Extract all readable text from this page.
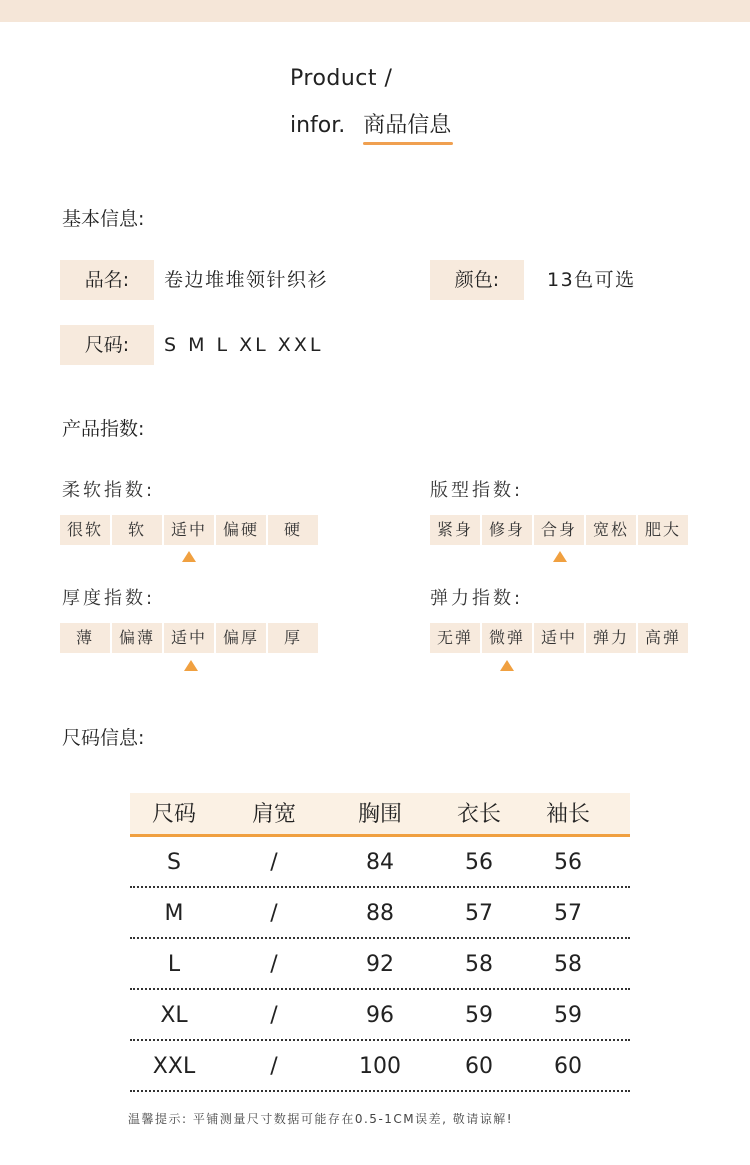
Product /
infor. 商品信息
基本信息:
品名:	卷边堆堆领针织衫	颜色:	13色可选
尺码:	S M L XL XXL
产品指数:
柔软指数:
很软	软	适中 偏硬	硬
版型指数:
紧身 修身 合身 宽松 肥大
厚度指数:
薄	偏薄 适中 偏厚	厚
弹力指数:
无弹 微弹 适中 弹力 高弹
尺码信息:
尺码	肩宽	胸围	衣长	袖长
S	/	84	56	56
M	/	88	57	57
L	/	92	58	58
XL	/	96	59	59
XXL	/	100	60	60
温馨提示: 平铺测量尺寸数据可能存在0.5-1CM误差, 敬请谅解!
